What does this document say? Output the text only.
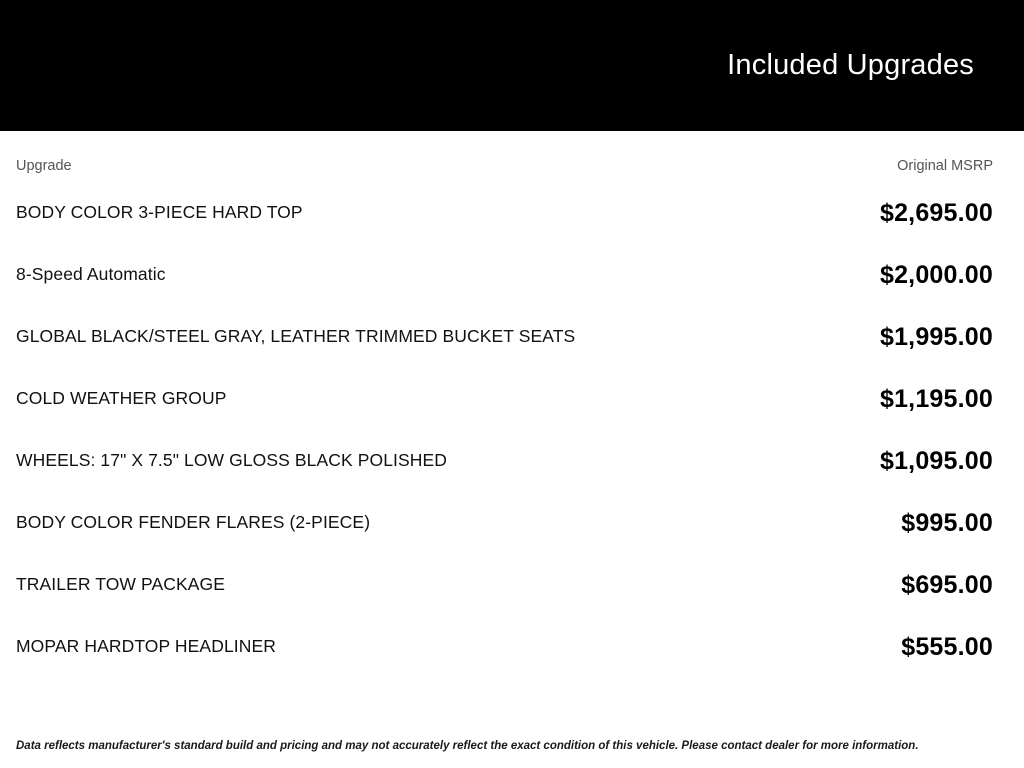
Included Upgrades
Upgrade	Original MSRP
BODY COLOR 3-PIECE HARD TOP	$2,695.00
8-Speed Automatic	$2,000.00
GLOBAL BLACK/STEEL GRAY, LEATHER TRIMMED BUCKET SEATS	$1,995.00
COLD WEATHER GROUP	$1,195.00
WHEELS: 17" X 7.5" LOW GLOSS BLACK POLISHED	$1,095.00
BODY COLOR FENDER FLARES (2-PIECE)	$995.00
TRAILER TOW PACKAGE	$695.00
MOPAR HARDTOP HEADLINER	$555.00
Data reflects manufacturer's standard build and pricing and may not accurately reflect the exact condition of this vehicle. Please contact dealer for more information.
